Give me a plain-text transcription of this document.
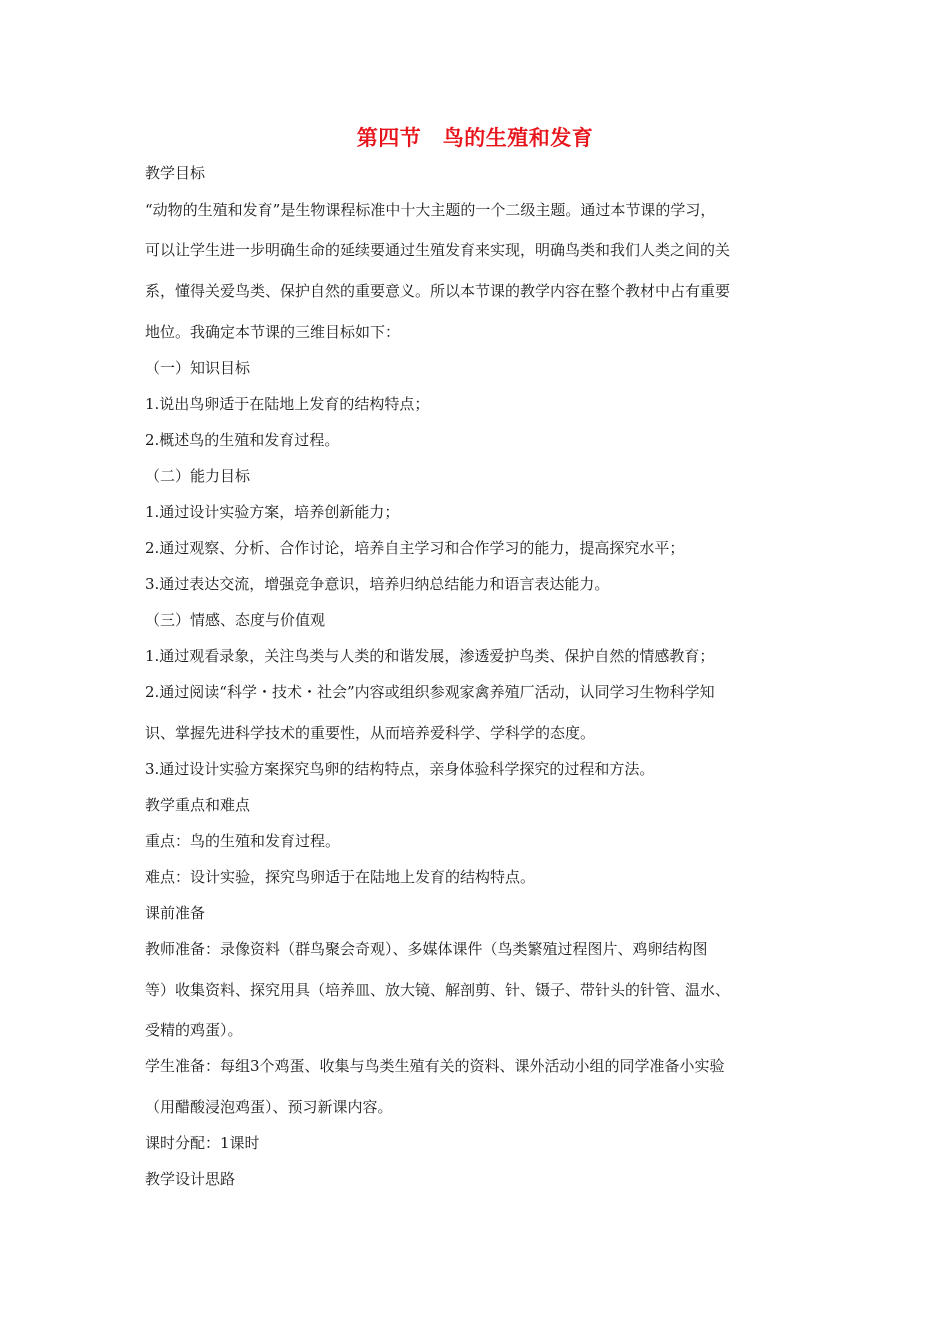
第四节　鸟的生殖和发育
教学目标
“动物的生殖和发育”是生物课程标准中十大主题的一个二级主题。通过本节课的学习，
可以让学生进一步明确生命的延续要通过生殖发育来实现，明确鸟类和我们人类之间的关
系，懂得关爱鸟类、保护自然的重要意义。所以本节课的教学内容在整个教材中占有重要
地位。我确定本节课的三维目标如下：
（一）知识目标
1.说出鸟卵适于在陆地上发育的结构特点；
2.概述鸟的生殖和发育过程。
（二）能力目标
1.通过设计实验方案，培养创新能力；
2.通过观察、分析、合作讨论，培养自主学习和合作学习的能力，提高探究水平；
3.通过表达交流，增强竞争意识，培养归纳总结能力和语言表达能力。
（三）情感、态度与价值观
1.通过观看录象，关注鸟类与人类的和谐发展，渗透爱护鸟类、保护自然的情感教育；
2.通过阅读“科学・技术・社会”内容或组织参观家禽养殖厂活动，认同学习生物科学知
识、掌握先进科学技术的重要性，从而培养爱科学、学科学的态度。
3.通过设计实验方案探究鸟卵的结构特点，亲身体验科学探究的过程和方法。
教学重点和难点
重点：鸟的生殖和发育过程。
难点：设计实验，探究鸟卵适于在陆地上发育的结构特点。
课前准备
教师准备：录像资料（群鸟聚会奇观）、多媒体课件（鸟类繁殖过程图片、鸡卵结构图
等）收集资料、探究用具（培养皿、放大镜、解剖剪、针、镊子、带针头的针管、温水、
受精的鸡蛋）。
学生准备：每组3个鸡蛋、收集与鸟类生殖有关的资料、课外活动小组的同学准备小实验
（用醋酸浸泡鸡蛋）、预习新课内容。
课时分配：1课时
教学设计思路
